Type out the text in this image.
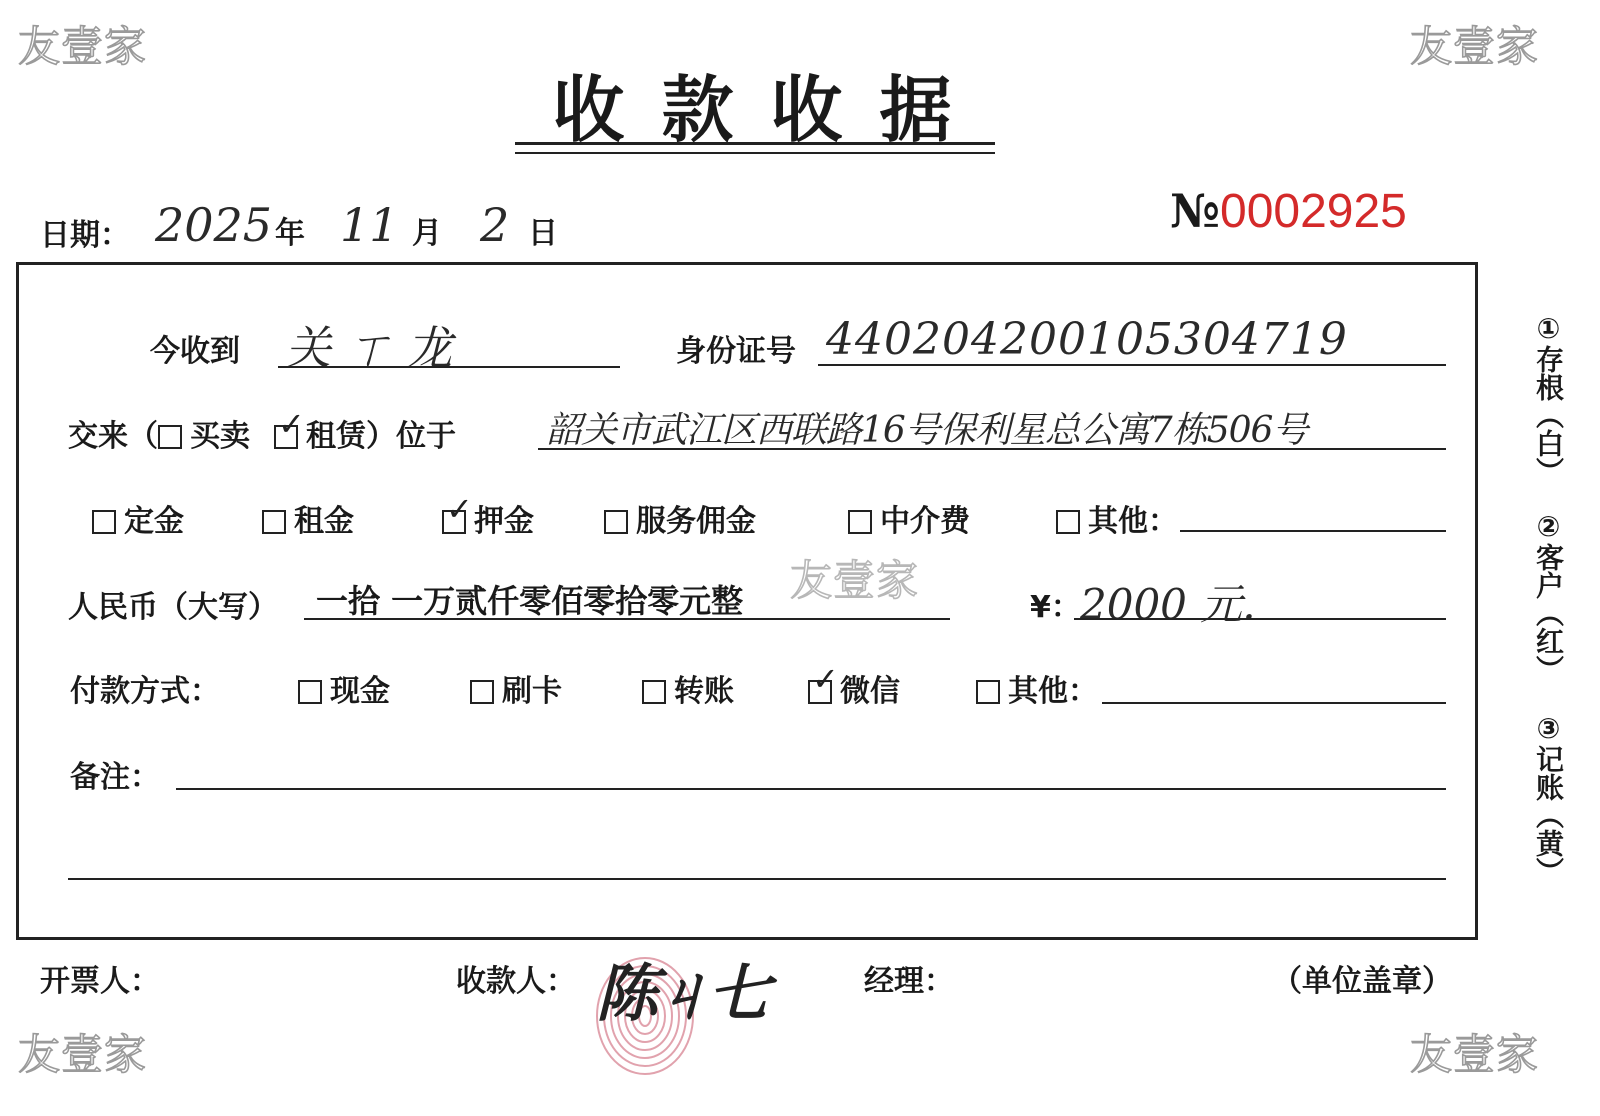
友壹家	友壹家
友壹家
友壹家	友壹家
收 款 收 据
№0002925
日期： 2025 年 11 月 2 日
今收到 关 ㄒ 龙	身份证号 440204200105304719
交来（ 买卖 ✓ 租赁）位于	韶关市武江区西联路16号保利星总公寓7栋506号
定金	租金 ✓	押金	服务佣金	中介费	其他：
人民币（大写） 一拾 一万贰仟零佰零拾零元整	¥： 2000 元.
付款方式：	现金	刷卡	转账 ✓	微信	其他：
备注：
①存根（白）
②客户（红）
③记账（黄）
开票人：	收款人： 陈ㄐ七	经理：	（单位盖章）
